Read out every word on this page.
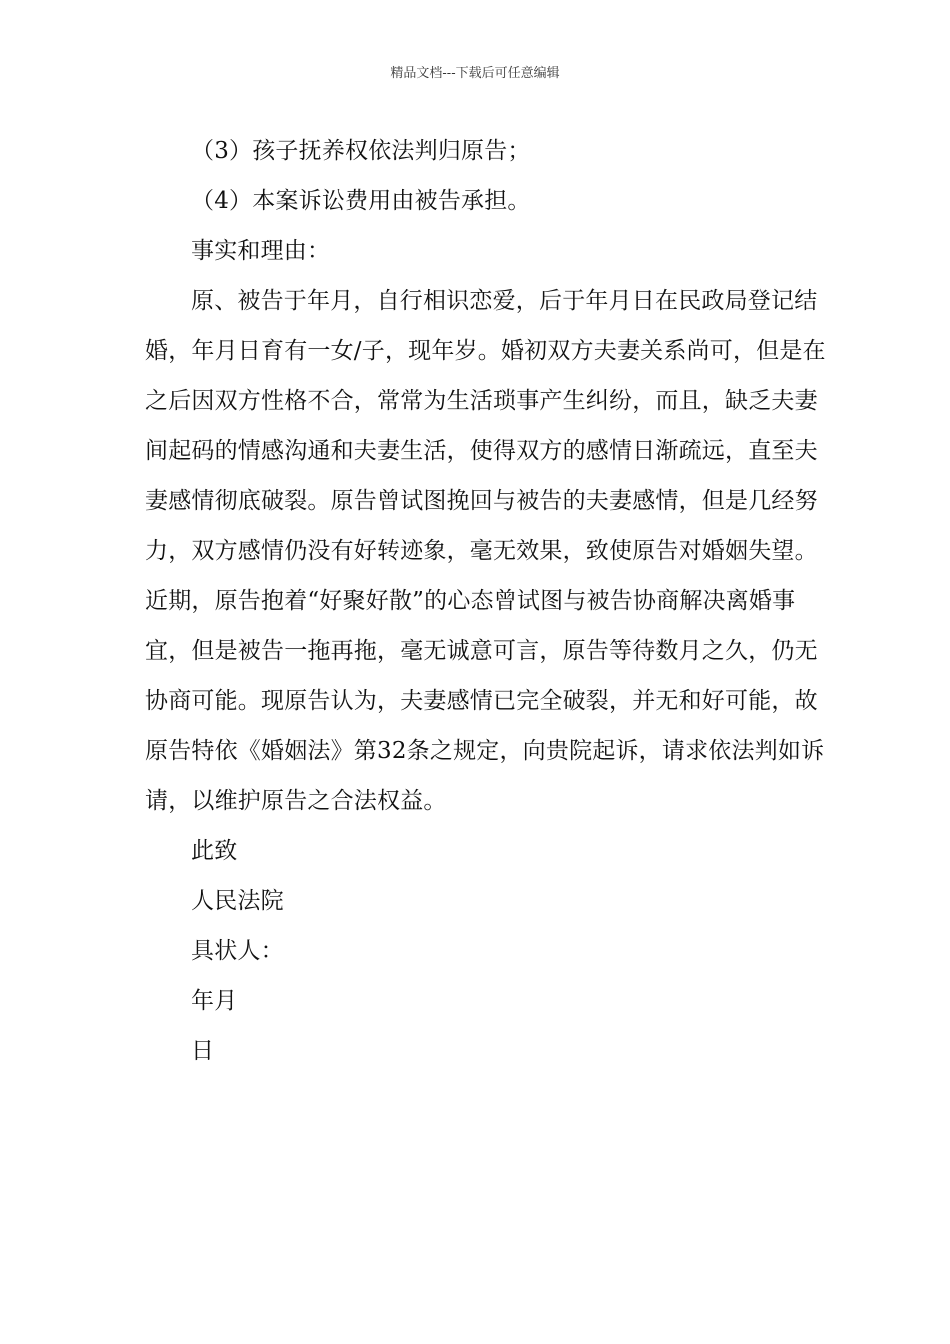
精品文档---下载后可任意编辑
（3）孩子抚养权依法判归原告；
（4）本案诉讼费用由被告承担。
事实和理由：
原、被告于年月，自行相识恋爱，后于年月日在民政局登记结
婚，年月日育有一女/子，现年岁。婚初双方夫妻关系尚可，但是在
之后因双方性格不合，常常为生活琐事产生纠纷，而且，缺乏夫妻
间起码的情感沟通和夫妻生活，使得双方的感情日渐疏远，直至夫
妻感情彻底破裂。原告曾试图挽回与被告的夫妻感情，但是几经努
力，双方感情仍没有好转迹象，毫无效果，致使原告对婚姻失望。
近期，原告抱着“好聚好散”的心态曾试图与被告协商解决离婚事
宜，但是被告一拖再拖，毫无诚意可言，原告等待数月之久，仍无
协商可能。现原告认为，夫妻感情已完全破裂，并无和好可能，故
原告特依《婚姻法》第32条之规定，向贵院起诉，请求依法判如诉
请，以维护原告之合法权益。
此致
人民法院
具状人：
年月
日
